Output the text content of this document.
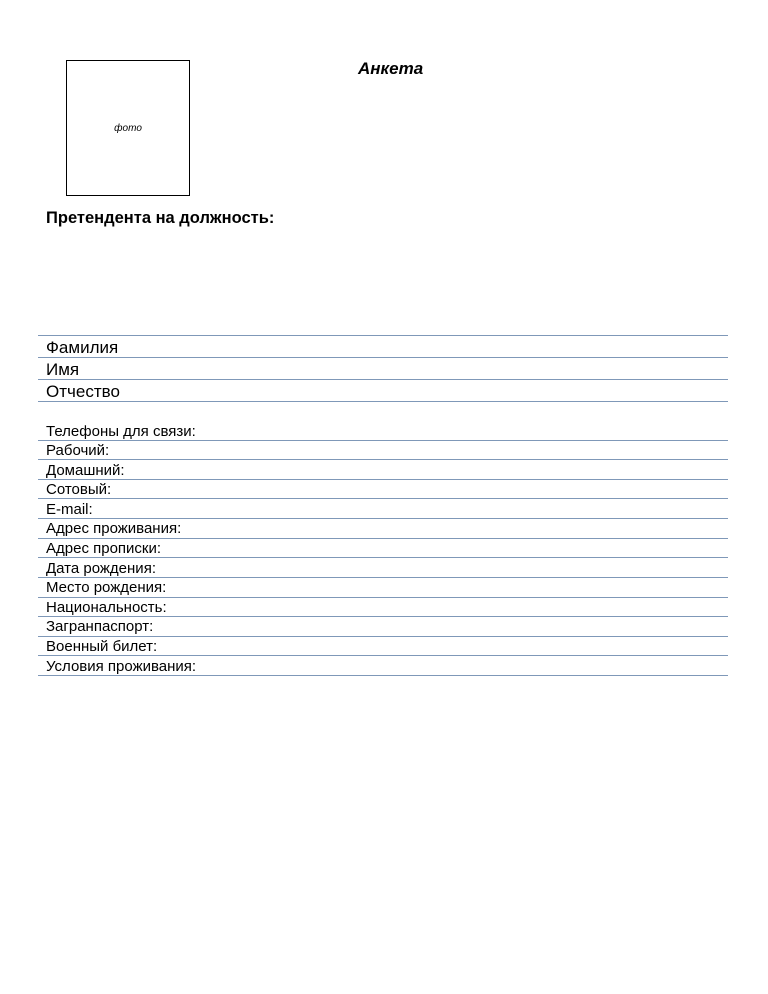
фото
Анкета
Претендента на должность:
Фамилия
Имя
Отчество
Телефоны для связи:
Рабочий:
Домашний:
Сотовый:
E-mail:
Адрес проживания:
Адрес прописки:
Дата рождения:
Место рождения:
Национальность:
Загранпаспорт:
Военный билет:
Условия проживания:
